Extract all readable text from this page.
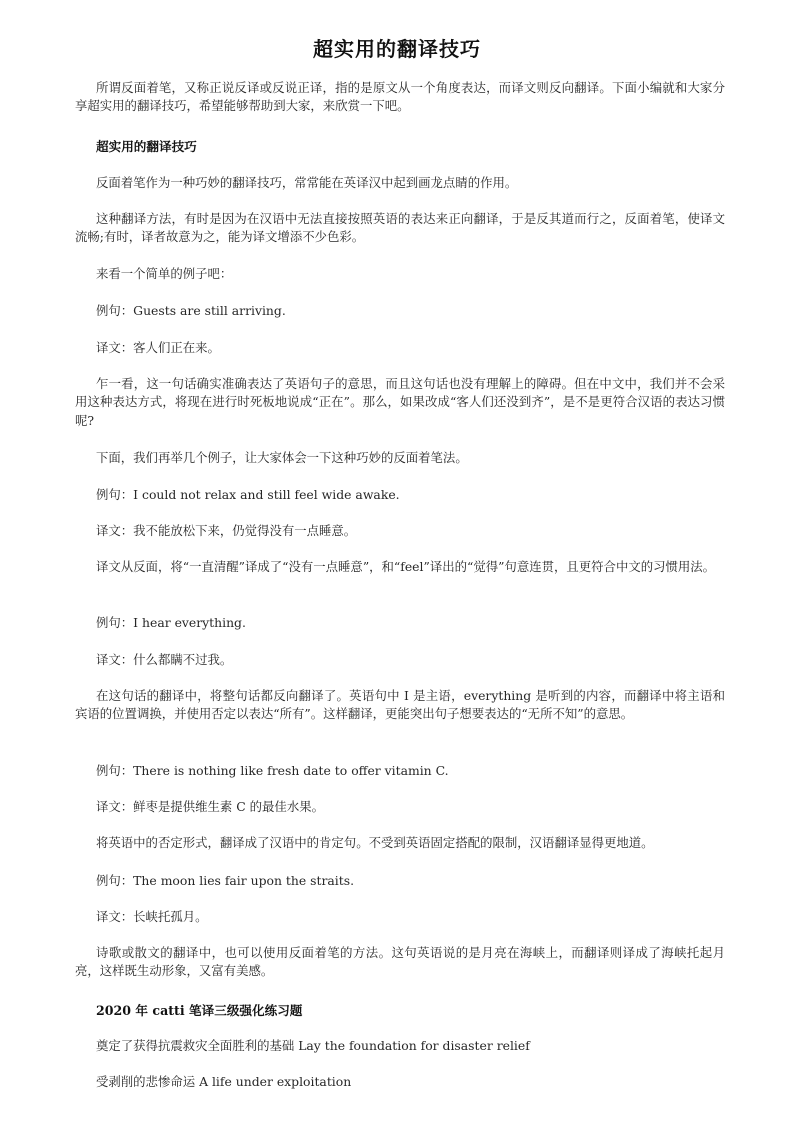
超实用的翻译技巧

所谓反面着笔，又称正说反译或反说正译，指的是原文从一个角度表达，而译文则反向翻译。下面小编就和大家分享超实用的翻译技巧，希望能够帮助到大家，来欣赏一下吧。

超实用的翻译技巧

反面着笔作为一种巧妙的翻译技巧，常常能在英译汉中起到画龙点睛的作用。

这种翻译方法，有时是因为在汉语中无法直接按照英语的表达来正向翻译，于是反其道而行之，反面着笔，使译文流畅;有时，译者故意为之，能为译文增添不少色彩。

来看一个简单的例子吧：

例句：Guests are still arriving.

译文：客人们正在来。

乍一看，这一句话确实准确表达了英语句子的意思，而且这句话也没有理解上的障碍。但在中文中，我们并不会采用这种表达方式，将现在进行时死板地说成“正在”。那么，如果改成“客人们还没到齐”，是不是更符合汉语的表达习惯呢?

下面，我们再举几个例子，让大家体会一下这种巧妙的反面着笔法。

例句：I could not relax and still feel wide awake.

译文：我不能放松下来，仍觉得没有一点睡意。

译文从反面，将“一直清醒”译成了“没有一点睡意”，和“feel”译出的“觉得”句意连贯，且更符合中文的习惯用法。

例句：I hear everything.

译文：什么都瞒不过我。

在这句话的翻译中，将整句话都反向翻译了。英语句中 I 是主语，everything 是听到的内容，而翻译中将主语和宾语的位置调换，并使用否定以表达“所有”。这样翻译，更能突出句子想要表达的“无所不知”的意思。

例句：There is nothing like fresh date to offer vitamin C.

译文：鲜枣是提供维生素 C 的最佳水果。

将英语中的否定形式，翻译成了汉语中的肯定句。不受到英语固定搭配的限制，汉语翻译显得更地道。

例句：The moon lies fair upon the straits.

译文：长峡托孤月。

诗歌或散文的翻译中，也可以使用反面着笔的方法。这句英语说的是月亮在海峡上，而翻译则译成了海峡托起月亮，这样既生动形象，又富有美感。

2020 年 catti 笔译三级强化练习题

奠定了获得抗震救灾全面胜利的基础 Lay the foundation for disaster relief

受剥削的悲惨命运 A life under exploitation
